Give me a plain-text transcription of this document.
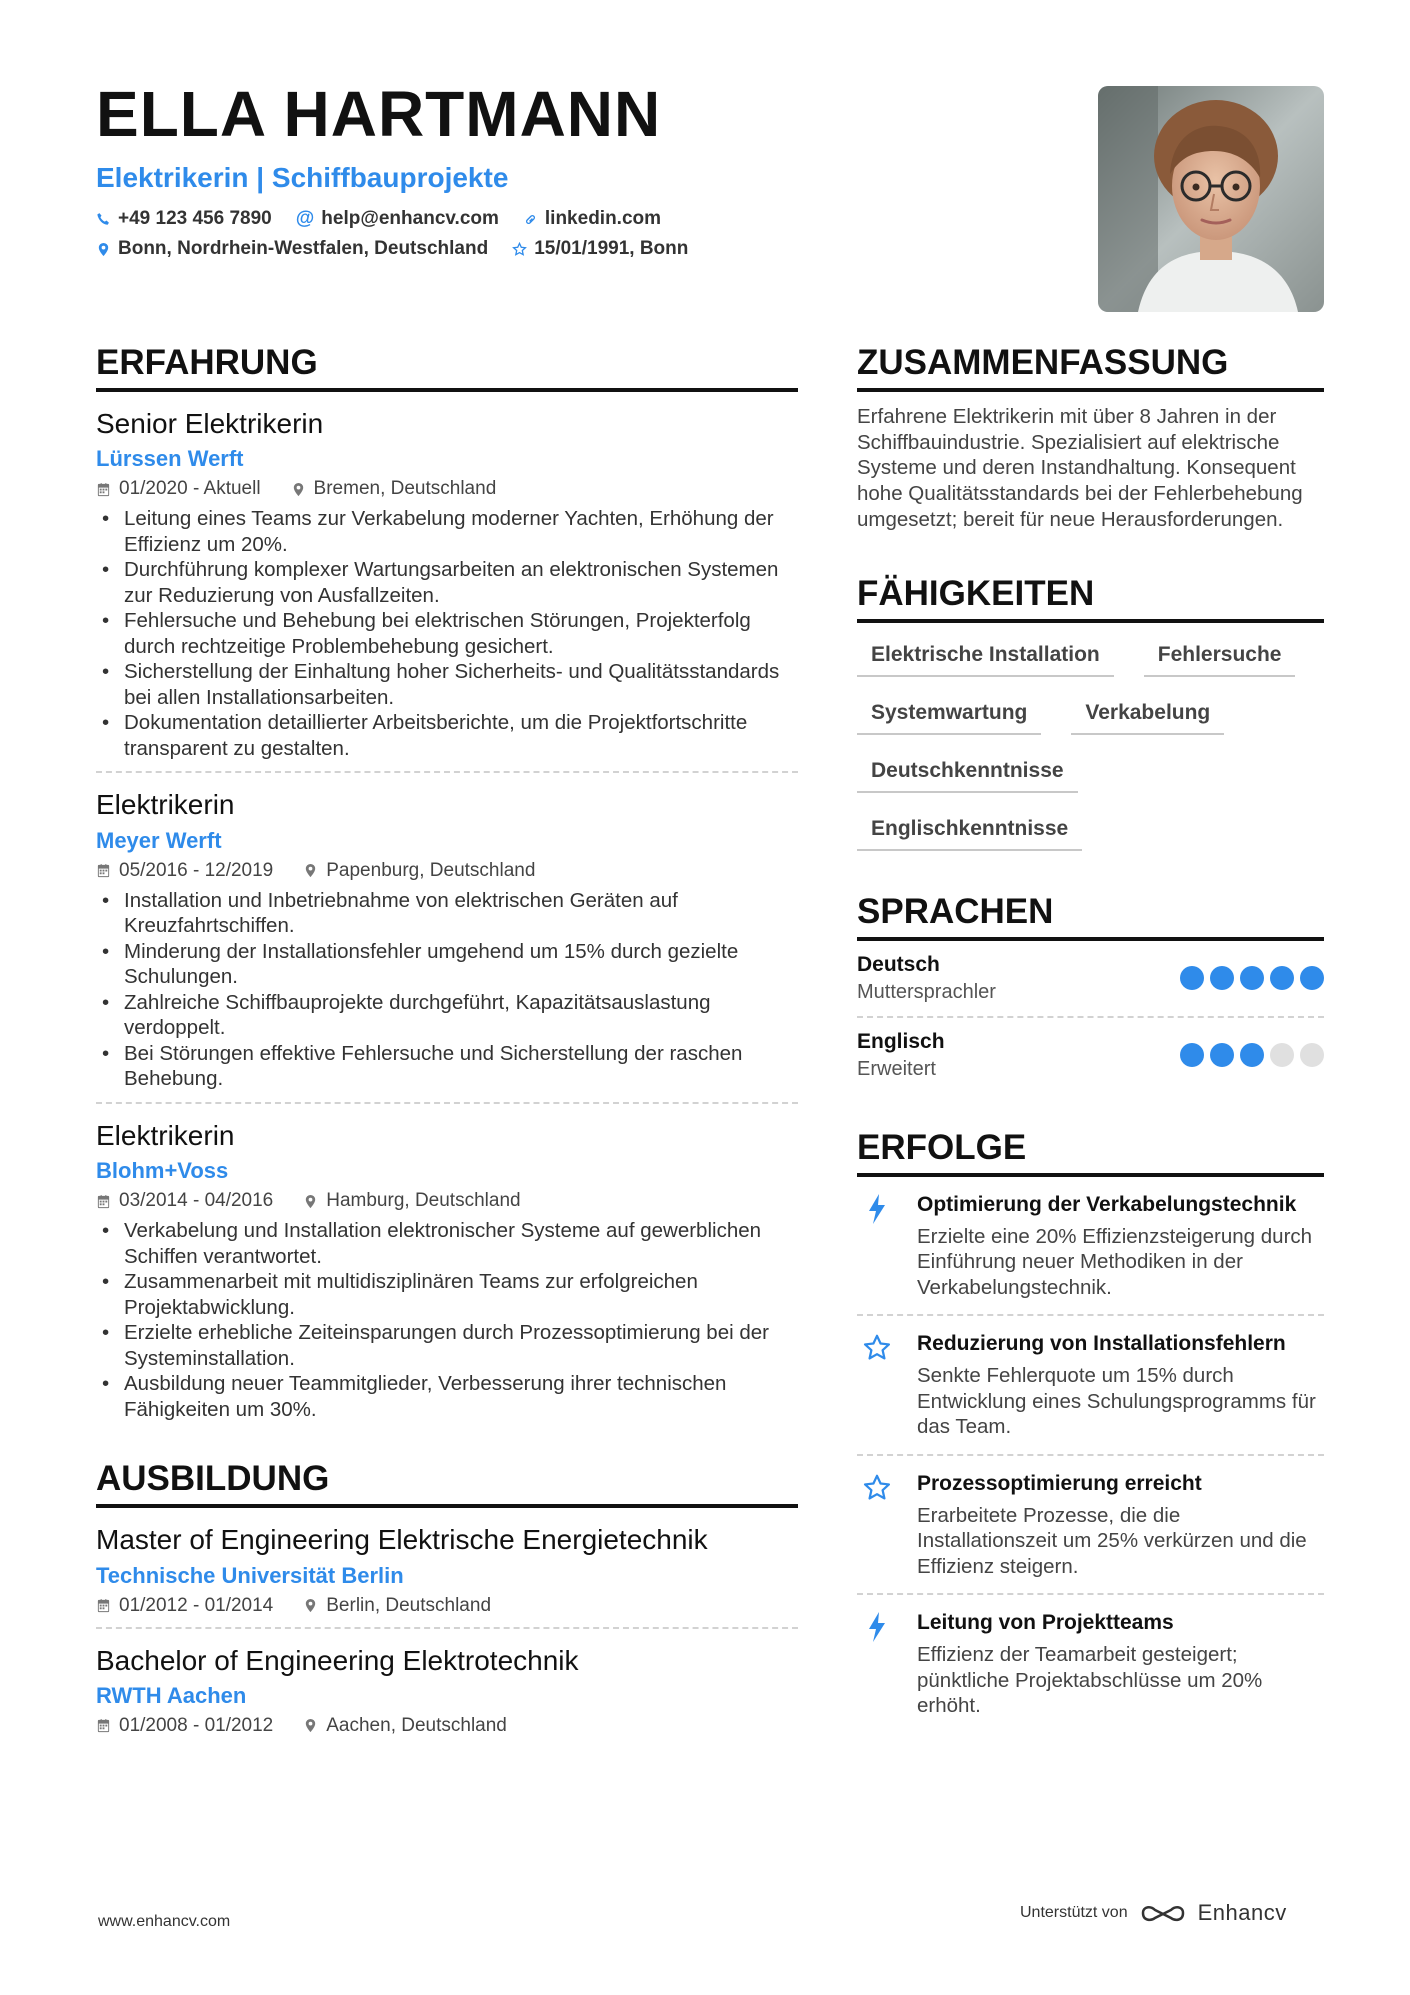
ELLA HARTMANN
Elektrikerin | Schiffbauprojekte
+49 123 456 7890 @ help@enhancv.com linkedin.com
Bonn, Nordrhein-Westfalen, Deutschland 15/01/1991, Bonn
ERFAHRUNG
Senior Elektrikerin
Lürssen Werft
01/2020 - Aktuell	Bremen, Deutschland
• Leitung eines Teams zur Verkabelung moderner Yachten, Erhöhung der Effizienz um 20%.
• Durchführung komplexer Wartungsarbeiten an elektronischen Systemen zur Reduzierung von Ausfallzeiten.
• Fehlersuche und Behebung bei elektrischen Störungen, Projekterfolg durch rechtzeitige Problembehebung gesichert.
• Sicherstellung der Einhaltung hoher Sicherheits- und Qualitätsstandards bei allen Installationsarbeiten.
• Dokumentation detaillierter Arbeitsberichte, um die Projektfortschritte transparent zu gestalten.
Elektrikerin
Meyer Werft
05/2016 - 12/2019	Papenburg, Deutschland
• Installation und Inbetriebnahme von elektrischen Geräten auf Kreuzfahrtschiffen.
• Minderung der Installationsfehler umgehend um 15% durch gezielte Schulungen.
• Zahlreiche Schiffbauprojekte durchgeführt, Kapazitätsauslastung verdoppelt.
• Bei Störungen effektive Fehlersuche und Sicherstellung der raschen Behebung.
Elektrikerin
Blohm+Voss
03/2014 - 04/2016	Hamburg, Deutschland
• Verkabelung und Installation elektronischer Systeme auf gewerblichen Schiffen verantwortet.
• Zusammenarbeit mit multidisziplinären Teams zur erfolgreichen Projektabwicklung.
• Erzielte erhebliche Zeiteinsparungen durch Prozessoptimierung bei der Systeminstallation.
• Ausbildung neuer Teammitglieder, Verbesserung ihrer technischen Fähigkeiten um 30%.
AUSBILDUNG
Master of Engineering Elektrische Energietechnik
Technische Universität Berlin
01/2012 - 01/2014	Berlin, Deutschland
Bachelor of Engineering Elektrotechnik
RWTH Aachen
01/2008 - 01/2012	Aachen, Deutschland
ZUSAMMENFASSUNG
Erfahrene Elektrikerin mit über 8 Jahren in der Schiffbauindustrie. Spezialisiert auf elektrische Systeme und deren Instandhaltung. Konsequent hohe Qualitätsstandards bei der Fehlerbehebung umgesetzt; bereit für neue Herausforderungen.
FÄHIGKEITEN
Elektrische Installation	Fehlersuche
Systemwartung	Verkabelung
Deutschkenntnisse
Englischkenntnisse
SPRACHEN
Deutsch
Muttersprachler
Englisch
Erweitert
ERFOLGE
Optimierung der Verkabelungstechnik
Erzielte eine 20% Effizienzsteigerung durch Einführung neuer Methodiken in der Verkabelungstechnik.
Reduzierung von Installationsfehlern
Senkte Fehlerquote um 15% durch Entwicklung eines Schulungsprogramms für das Team.
Prozessoptimierung erreicht
Erarbeitete Prozesse, die die Installationszeit um 25% verkürzen und die Effizienz steigern.
Leitung von Projektteams
Effizienz der Teamarbeit gesteigert; pünktliche Projektabschlüsse um 20% erhöht.
www.enhancv.com
Unterstützt von	Enhancv
